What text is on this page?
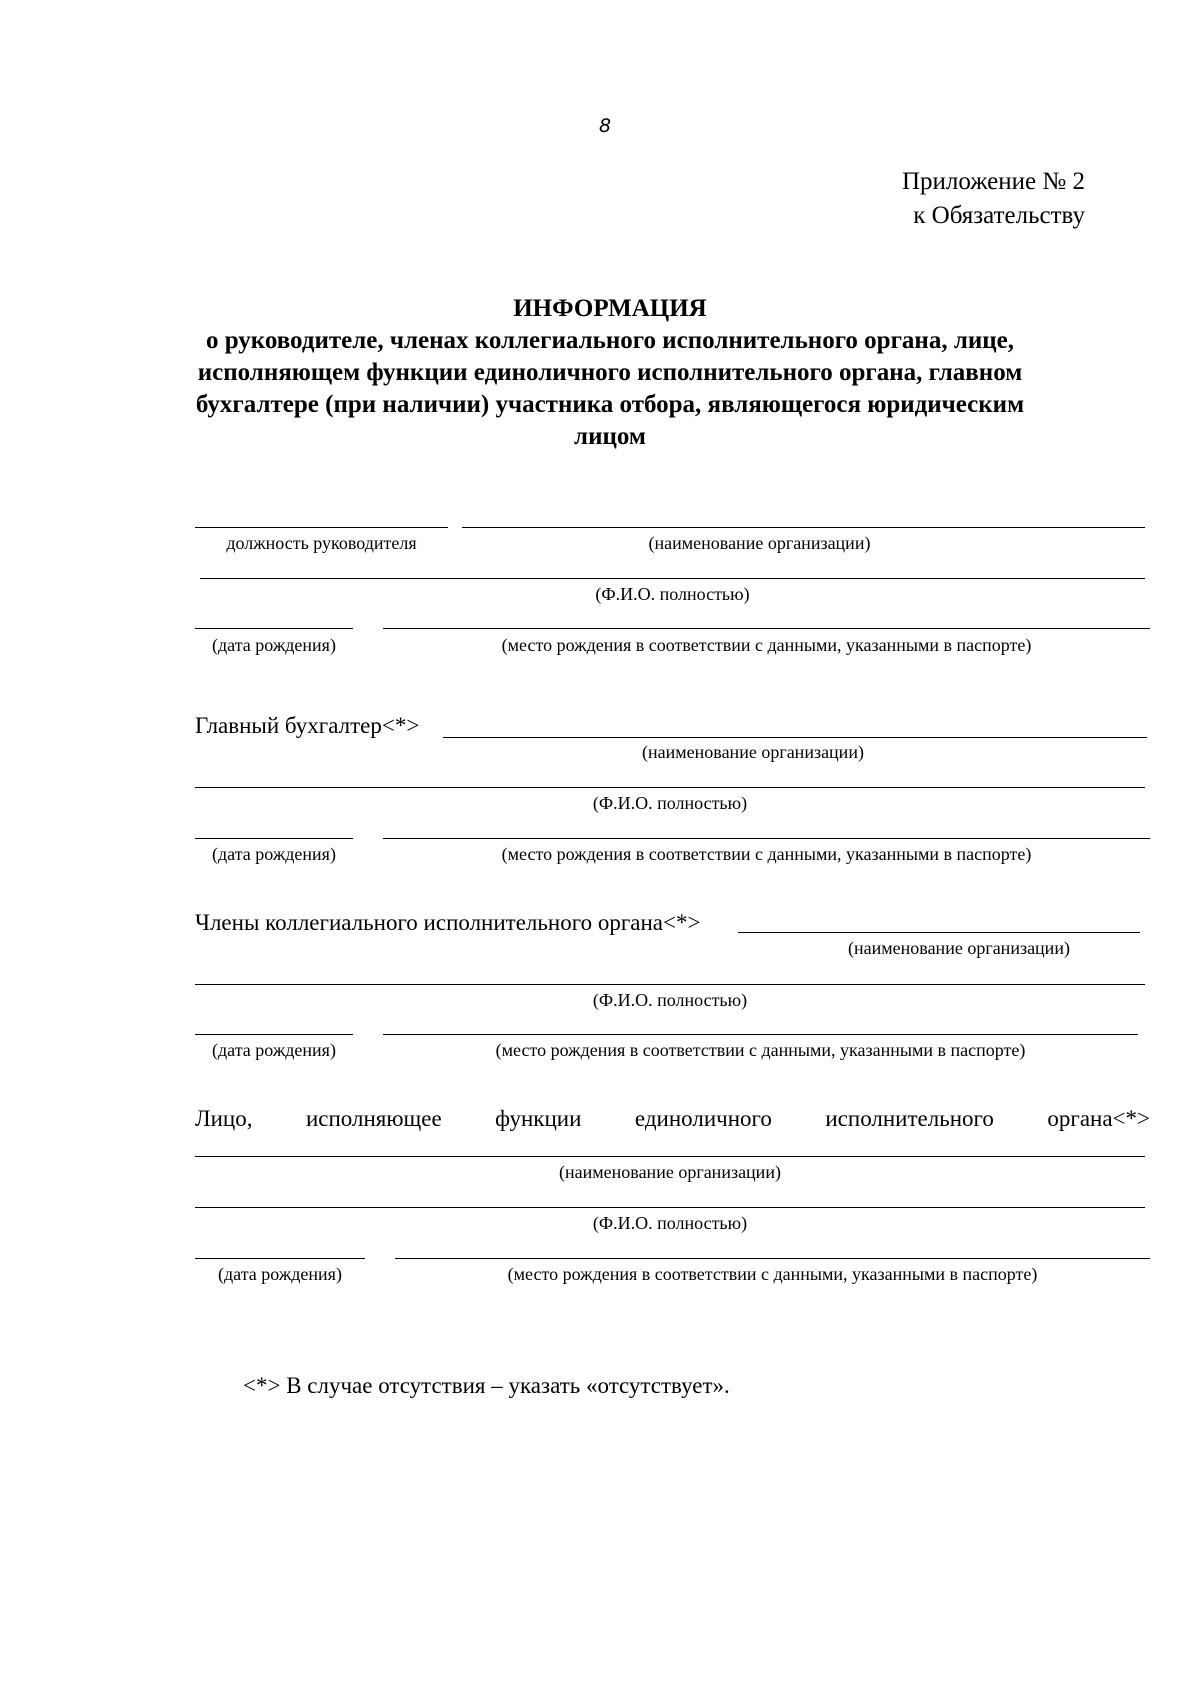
8
Приложение № 2
к Обязательству
ИНФОРМАЦИЯ
о руководителе, членах коллегиального исполнительного органа, лице,
исполняющем функции единоличного исполнительного органа, главном
бухгалтере (при наличии) участника отбора, являющегося юридическим
лицом
должность руководителя	(наименование организации)
(Ф.И.О. полностью)
(дата рождения)	(место рождения в соответствии с данными, указанными в паспорте)
Главный бухгалтер<*>
(наименование организации)
(Ф.И.О. полностью)
(дата рождения)	(место рождения в соответствии с данными, указанными в паспорте)
Члены коллегиального исполнительного органа<*>
(наименование организации)
(Ф.И.О. полностью)
(дата рождения)	(место рождения в соответствии с данными, указанными в паспорте)
Лицо, исполняющее функции единоличного исполнительного органа<*>
(наименование организации)
(Ф.И.О. полностью)
(дата рождения)	(место рождения в соответствии с данными, указанными в паспорте)
<*> В случае отсутствия – указать «отсутствует».
